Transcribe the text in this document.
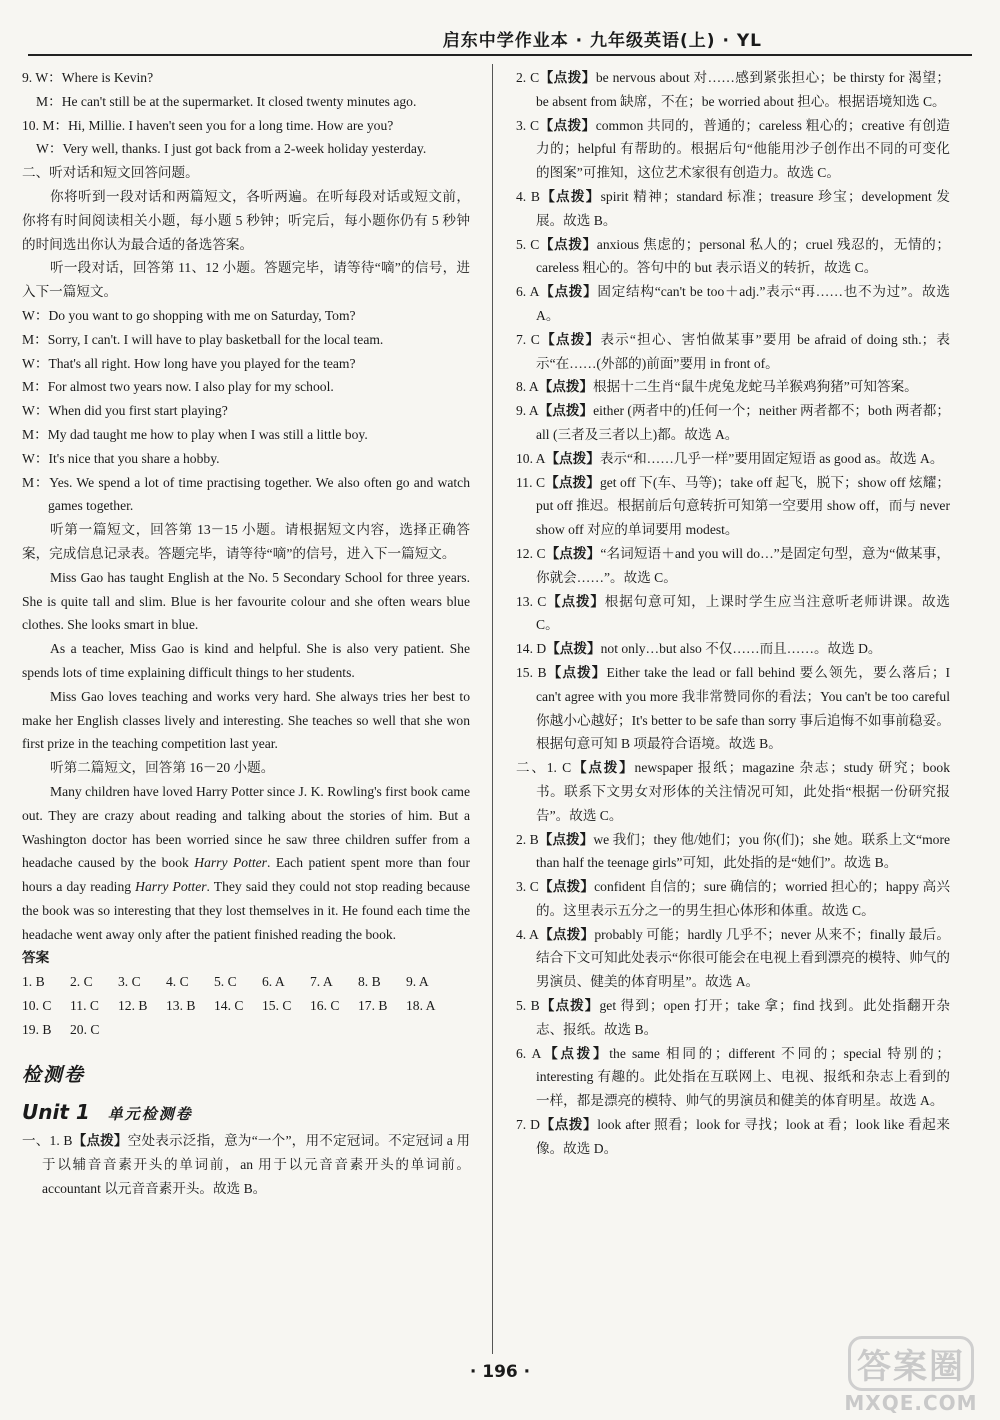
启东中学作业本 · 九年级英语(上) · YL

9. W：Where is Kevin?

M：He can't still be at the supermarket. It closed twenty minutes ago.

10. M：Hi, Millie. I haven't seen you for a long time. How are you?

W：Very well, thanks. I just got back from a 2-week holiday yesterday.

二、听对话和短文回答问题。

你将听到一段对话和两篇短文，各听两遍。在听每段对话或短文前，你将有时间阅读相关小题，每小题 5 秒钟；听完后，每小题你仍有 5 秒钟的时间选出你认为最合适的备选答案。

听一段对话，回答第 11、12 小题。答题完毕，请等待“嘀”的信号，进入下一篇短文。

W：Do you want to go shopping with me on Saturday, Tom?

M：Sorry, I can't. I will have to play basketball for the local team.

W：That's all right. How long have you played for the team?

M：For almost two years now. I also play for my school.

W：When did you first start playing?

M：My dad taught me how to play when I was still a little boy.

W：It's nice that you share a hobby.

M：Yes. We spend a lot of time practising together. We also often go and watch games together.

听第一篇短文，回答第 13－15 小题。请根据短文内容，选择正确答案，完成信息记录表。答题完毕，请等待“嘀”的信号，进入下一篇短文。

Miss Gao has taught English at the No. 5 Secondary School for three years. She is quite tall and slim. Blue is her favourite colour and she often wears blue clothes. She looks smart in blue.

As a teacher, Miss Gao is kind and helpful. She is also very patient. She spends lots of time explaining difficult things to her students.

Miss Gao loves teaching and works very hard. She always tries her best to make her English classes lively and interesting. She teaches so well that she won first prize in the teaching competition last year.

听第二篇短文，回答第 16－20 小题。

Many children have loved Harry Potter since J. K. Rowling's first book came out. They are crazy about reading and talking about the stories of him. But a Washington doctor has been worried since he saw three children suffer from a headache caused by the book Harry Potter. Each patient spent more than four hours a day reading Harry Potter. They said they could not stop reading because the book was so interesting that they lost themselves in it. He found each time the headache went away only after the patient finished reading the book.

答案

1. B	2. C	3. C	4. C	5. C	6. A	7. A	8. B	9. A
10. C	11. C	12. B	13. B	14. C	15. C	16. C	17. B	18. A
19. B	20. C
检测卷
Unit 1 单元检测卷

一、1. B【点拨】空处表示泛指，意为“一个”，用不定冠词。不定冠词 a 用于以辅音音素开头的单词前，an 用于以元音音素开头的单词前。accountant 以元音音素开头。故选 B。

2. C【点拨】be nervous about 对……感到紧张担心；be thirsty for 渴望；be absent from 缺席，不在；be worried about 担心。根据语境知选 C。

3. C【点拨】common 共同的，普通的；careless 粗心的；creative 有创造力的；helpful 有帮助的。根据后句“他能用沙子创作出不同的可变化的图案”可推知，这位艺术家很有创造力。故选 C。

4. B【点拨】spirit 精神；standard 标准；treasure 珍宝；development 发展。故选 B。

5. C【点拨】anxious 焦虑的；personal 私人的；cruel 残忍的，无情的；careless 粗心的。答句中的 but 表示语义的转折，故选 C。

6. A【点拨】固定结构“can't be too＋adj.”表示“再……也不为过”。故选 A。

7. C【点拨】表示“担心、害怕做某事”要用 be afraid of doing sth.；表示“在……(外部的)前面”要用 in front of。

8. A【点拨】根据十二生肖“鼠牛虎兔龙蛇马羊猴鸡狗猪”可知答案。

9. A【点拨】either (两者中的)任何一个；neither 两者都不；both 两者都；all (三者及三者以上)都。故选 A。

10. A【点拨】表示“和……几乎一样”要用固定短语 as good as。故选 A。

11. C【点拨】get off 下(车、马等)；take off 起飞，脱下；show off 炫耀；put off 推迟。根据前后句意转折可知第一空要用 show off，而与 never show off 对应的单词要用 modest。

12. C【点拨】“名词短语＋and you will do…”是固定句型，意为“做某事，你就会……”。故选 C。

13. C【点拨】根据句意可知，上课时学生应当注意听老师讲课。故选 C。

14. D【点拨】not only…but also 不仅……而且……。故选 D。

15. B【点拨】Either take the lead or fall behind 要么领先，要么落后；I can't agree with you more 我非常赞同你的看法；You can't be too careful 你越小心越好；It's better to be safe than sorry 事后追悔不如事前稳妥。根据句意可知 B 项最符合语境。故选 B。

二、1. C【点拨】newspaper 报纸；magazine 杂志；study 研究；book 书。联系下文男女对形体的关注情况可知，此处指“根据一份研究报告”。故选 C。

2. B【点拨】we 我们；they 他/她们；you 你(们)；she 她。联系上文“more than half the teenage girls”可知，此处指的是“她们”。故选 B。

3. C【点拨】confident 自信的；sure 确信的；worried 担心的；happy 高兴的。这里表示五分之一的男生担心体形和体重。故选 C。

4. A【点拨】probably 可能；hardly 几乎不；never 从来不；finally 最后。结合下文可知此处表示“你很可能会在电视上看到漂亮的模特、帅气的男演员、健美的体育明星”。故选 A。

5. B【点拨】get 得到；open 打开；take 拿；find 找到。此处指翻开杂志、报纸。故选 B。

6. A【点拨】the same 相同的；different 不同的；special 特别的；interesting 有趣的。此处指在互联网上、电视、报纸和杂志上看到的一样，都是漂亮的模特、帅气的男演员和健美的体育明星。故选 A。

7. D【点拨】look after 照看；look for 寻找；look at 看；look like 看起来像。故选 D。

· 196 ·	答案圈
MXQE.COM
